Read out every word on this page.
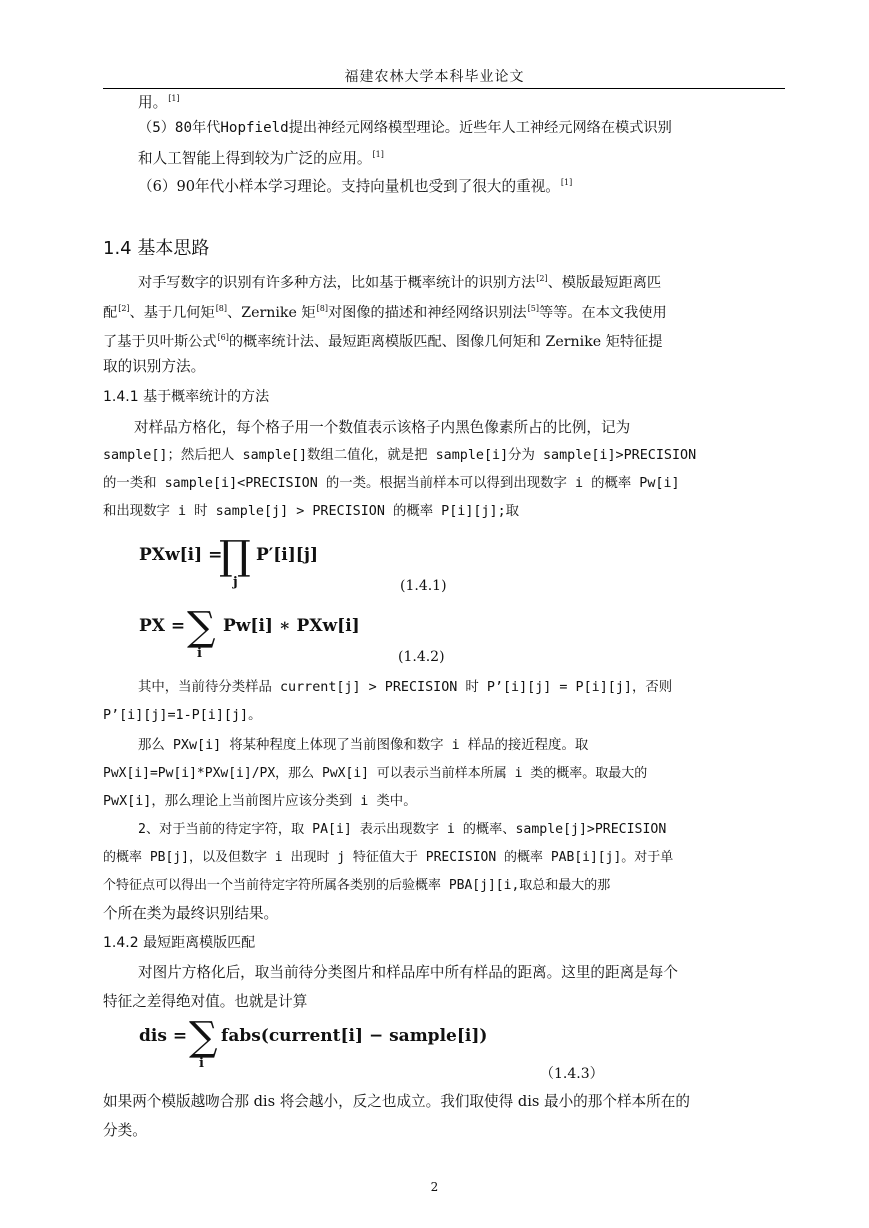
福建农林大学本科毕业论文
用。[1]
（5）80年代Hopfield提出神经元网络模型理论。近些年人工神经元网络在模式识别
和人工智能上得到较为广泛的应用。[1]
（6）90年代小样本学习理论。支持向量机也受到了很大的重视。[1]
1.4 基本思路
对手写数字的识别有许多种方法，比如基于概率统计的识别方法[2]、模版最短距离匹
配[2]、基于几何矩[8]、Zernike 矩[8]对图像的描述和神经网络识别法[5]等等。在本文我使用
了基于贝叶斯公式[6]的概率统计法、最短距离模版匹配、图像几何矩和 Zernike 矩特征提
取的识别方法。
1.4.1 基于概率统计的方法
对样品方格化，每个格子用一个数值表示该格子内黑色像素所占的比例，记为
sample[]；然后把人 sample[]数组二值化，就是把 sample[i]分为 sample[i]>PRECISION
的一类和 sample[i]<PRECISION 的一类。根据当前样本可以得到出现数字 i 的概率 Pw[i]
和出现数字 i 时 sample[j] > PRECISION 的概率 P[i][j];取
PXw[i] =
∏
j
P′[i][j]
(1.4.1)
PX = ∑
i
Pw[i] ∗ PXw[i]
(1.4.2)
其中，当前待分类样品 current[j] > PRECISION 时 P’[i][j] = P[i][j]，否则
P’[i][j]=1-P[i][j]。
那么 PXw[i] 将某种程度上体现了当前图像和数字 i 样品的接近程度。取
PwX[i]=Pw[i]*PXw[i]/PX，那么 PwX[i] 可以表示当前样本所属 i 类的概率。取最大的
PwX[i]，那么理论上当前图片应该分类到 i 类中。
2、对于当前的待定字符，取 PA[i] 表示出现数字 i 的概率、sample[j]>PRECISION
的概率 PB[j]，以及但数字 i 出现时 j 特征值大于 PRECISION 的概率 PAB[i][j]。对于单
个特征点可以得出一个当前待定字符所属各类别的后验概率 PBA[j][i,取总和最大的那
个所在类为最终识别结果。
1.4.2 最短距离模版匹配
对图片方格化后，取当前待分类图片和样品库中所有样品的距离。这里的距离是每个
特征之差得绝对值。也就是计算
dis = ∑
i
fabs(current[i] − sample[i])
（1.4.3）
如果两个模版越吻合那 dis 将会越小，反之也成立。我们取使得 dis 最小的那个样本所在的
分类。
2
